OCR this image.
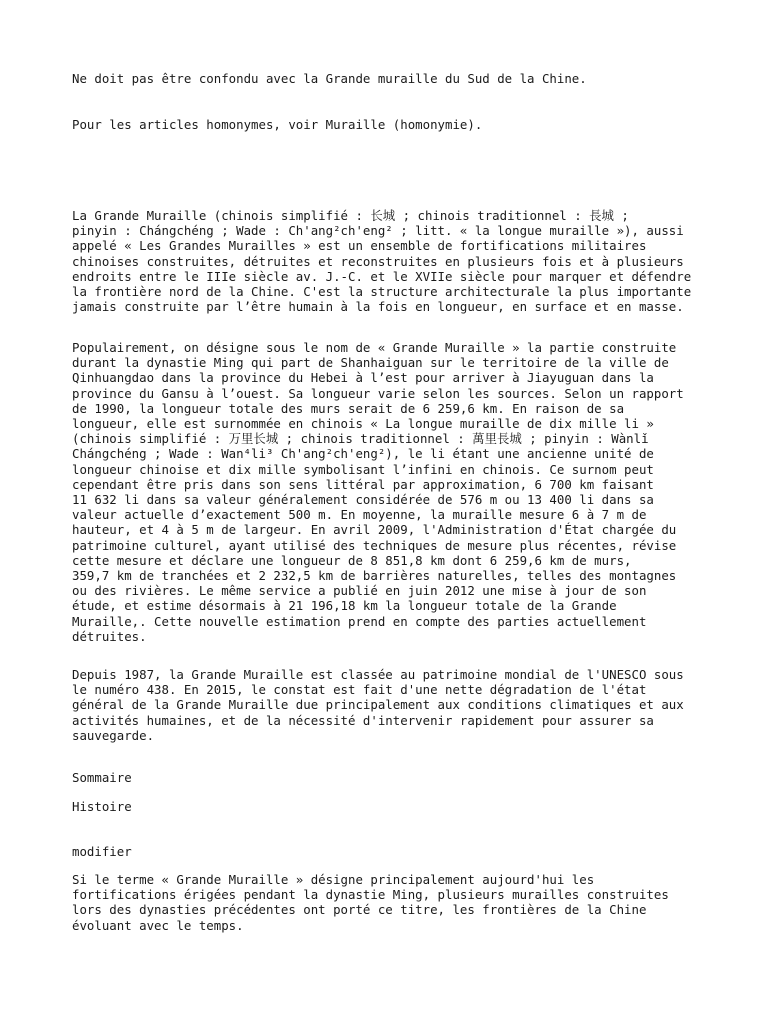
Ne doit pas être confondu avec la Grande muraille du Sud de la Chine.

Pour les articles homonymes, voir Muraille (homonymie).

La Grande Muraille (chinois simplifié : 长城 ; chinois traditionnel : 長城 ;
pinyin : Chángchéng ; Wade : Ch'ang²ch'eng² ; litt. « la longue muraille »), aussi
appelé « Les Grandes Murailles » est un ensemble de fortifications militaires
chinoises construites, détruites et reconstruites en plusieurs fois et à plusieurs
endroits entre le IIIe siècle av. J.-C. et le XVIIe siècle pour marquer et défendre
la frontière nord de la Chine. C'est la structure architecturale la plus importante
jamais construite par l’être humain à la fois en longueur, en surface et en masse.

Populairement, on désigne sous le nom de « Grande Muraille » la partie construite
durant la dynastie Ming qui part de Shanhaiguan sur le territoire de la ville de
Qinhuangdao dans la province du Hebei à l’est pour arriver à Jiayuguan dans la
province du Gansu à l’ouest. Sa longueur varie selon les sources. Selon un rapport
de 1990, la longueur totale des murs serait de 6 259,6 km. En raison de sa
longueur, elle est surnommée en chinois « La longue muraille de dix mille li »
(chinois simplifié : 万里长城 ; chinois traditionnel : 萬里長城 ; pinyin : Wànlǐ
Chángchéng ; Wade : Wan⁴li³ Ch'ang²ch'eng²), le li étant une ancienne unité de
longueur chinoise et dix mille symbolisant l’infini en chinois. Ce surnom peut
cependant être pris dans son sens littéral par approximation, 6 700 km faisant
11 632 li dans sa valeur généralement considérée de 576 m ou 13 400 li dans sa
valeur actuelle d’exactement 500 m. En moyenne, la muraille mesure 6 à 7 m de
hauteur, et 4 à 5 m de largeur. En avril 2009, l'Administration d'État chargée du
patrimoine culturel, ayant utilisé des techniques de mesure plus récentes, révise
cette mesure et déclare une longueur de 8 851,8 km dont 6 259,6 km de murs,
359,7 km de tranchées et 2 232,5 km de barrières naturelles, telles des montagnes
ou des rivières. Le même service a publié en juin 2012 une mise à jour de son
étude, et estime désormais à 21 196,18 km la longueur totale de la Grande
Muraille,. Cette nouvelle estimation prend en compte des parties actuellement
détruites.

Depuis 1987, la Grande Muraille est classée au patrimoine mondial de l'UNESCO sous
le numéro 438. En 2015, le constat est fait d'une nette dégradation de l'état
général de la Grande Muraille due principalement aux conditions climatiques et aux
activités humaines, et de la nécessité d'intervenir rapidement pour assurer sa
sauvegarde.

Sommaire

Histoire

modifier

Si le terme « Grande Muraille » désigne principalement aujourd'hui les
fortifications érigées pendant la dynastie Ming, plusieurs murailles construites
lors des dynasties précédentes ont porté ce titre, les frontières de la Chine
évoluant avec le temps.
